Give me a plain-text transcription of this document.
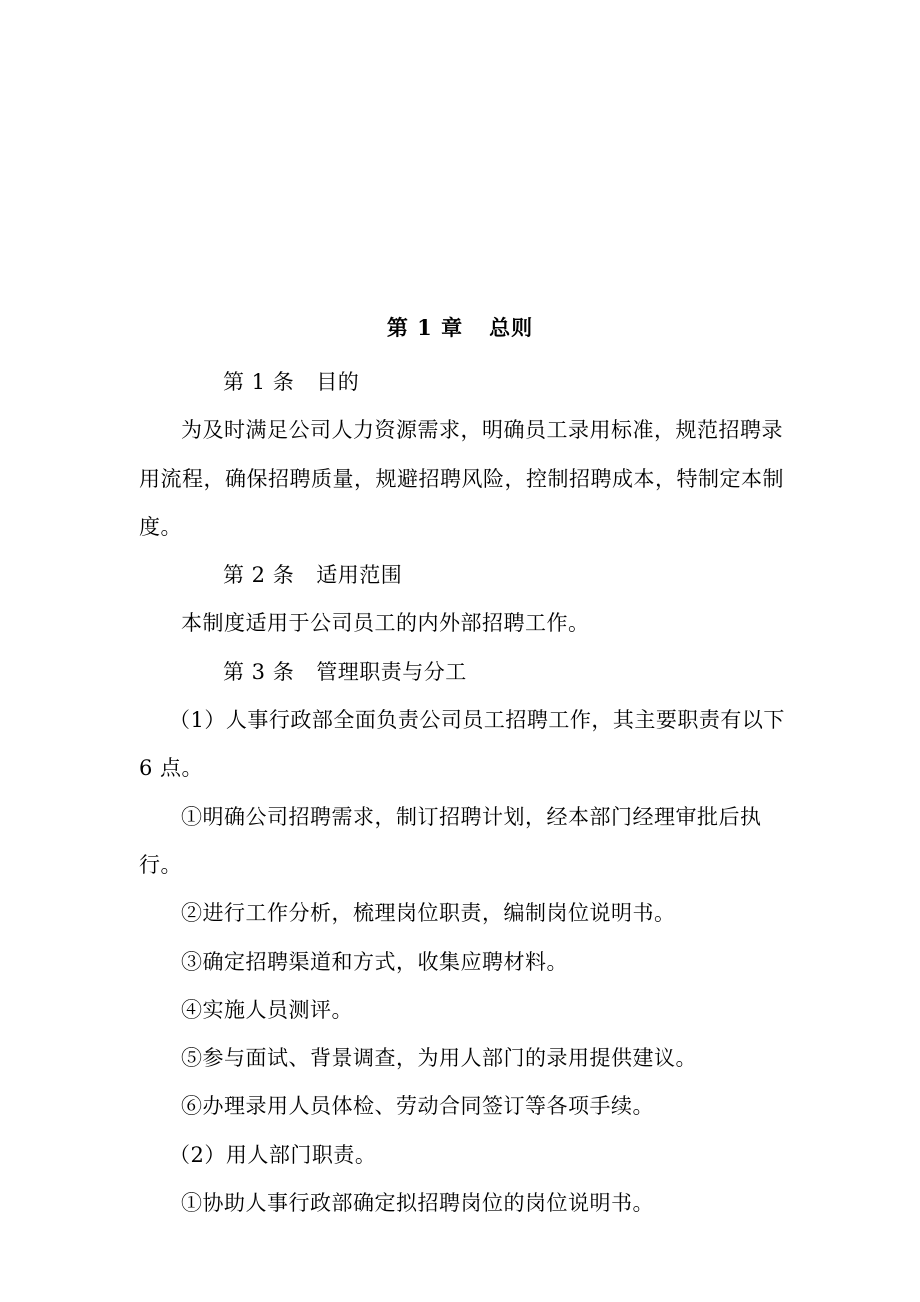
第 1 章 总则

第 1 条 目的

为及时满足公司人力资源需求，明确员工录用标准，规范招聘录用流程，确保招聘质量，规避招聘风险，控制招聘成本，特制定本制度。

第 2 条 适用范围

本制度适用于公司员工的内外部招聘工作。

第 3 条 管理职责与分工

（1）人事行政部全面负责公司员工招聘工作，其主要职责有以下 6 点。

①明确公司招聘需求，制订招聘计划，经本部门经理审批后执行。

②进行工作分析，梳理岗位职责，编制岗位说明书。

③确定招聘渠道和方式，收集应聘材料。

④实施人员测评。

⑤参与面试、背景调查，为用人部门的录用提供建议。

⑥办理录用人员体检、劳动合同签订等各项手续。

（2）用人部门职责。

①协助人事行政部确定拟招聘岗位的岗位说明书。
